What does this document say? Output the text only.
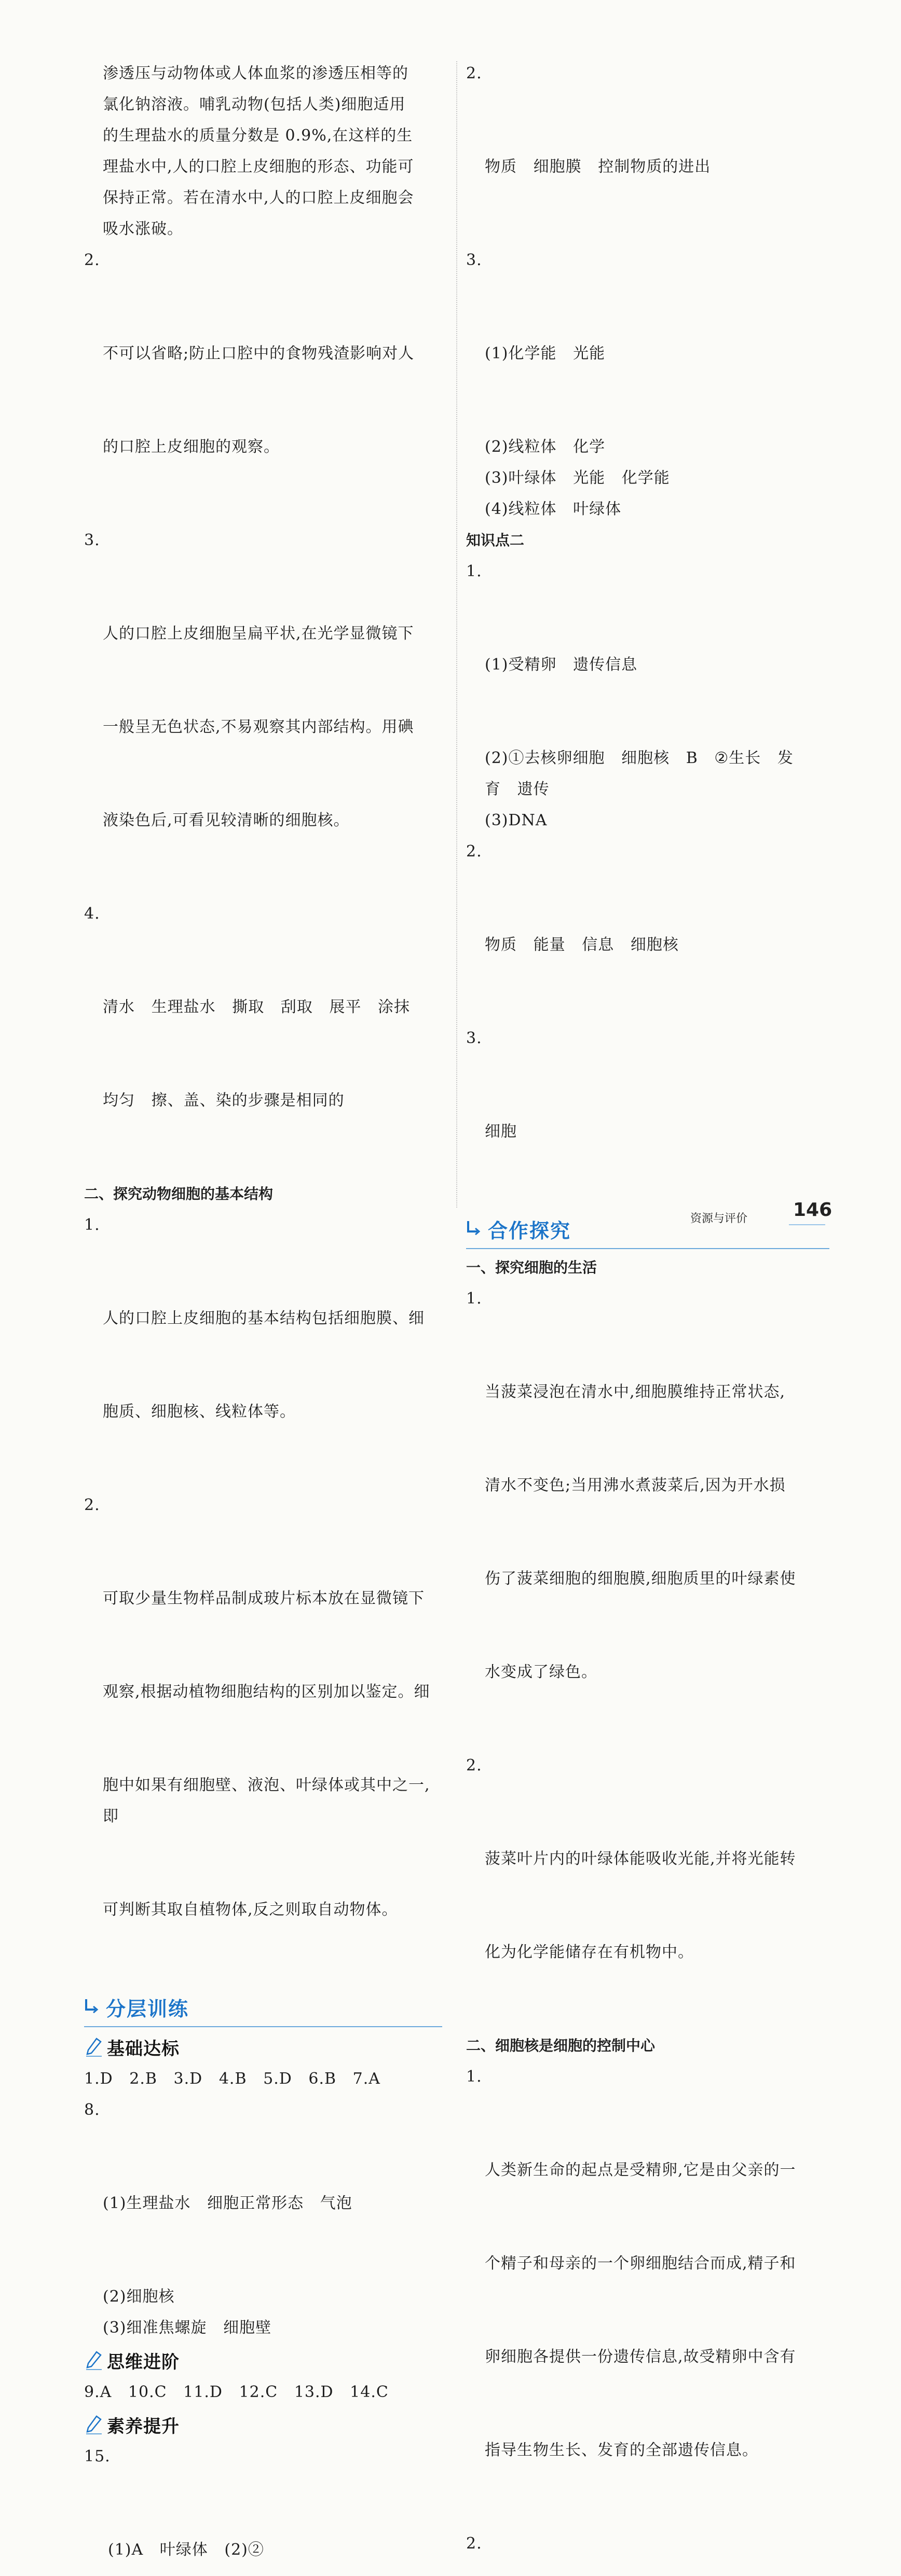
渗透压与动物体或人体血浆的渗透压相等的
氯化钠溶液。哺乳动物(包括人类)细胞适用
的生理盐水的质量分数是 0.9%,在这样的生
理盐水中,人的口腔上皮细胞的形态、功能可
保持正常。若在清水中,人的口腔上皮细胞会
吸水涨破。

2.

不可以省略;防止口腔中的食物残渣影响对人

的口腔上皮细胞的观察。

3.

人的口腔上皮细胞呈扁平状,在光学显微镜下

一般呈无色状态,不易观察其内部结构。用碘

液染色后,可看见较清晰的细胞核。

4.

清水   生理盐水   撕取   刮取   展平   涂抹

均匀   擦、盖、染的步骤是相同的

二、探究动物细胞的基本结构

1.

人的口腔上皮细胞的基本结构包括细胞膜、细

胞质、细胞核、线粒体等。

2.

可取少量生物样品制成玻片标本放在显微镜下

观察,根据动植物细胞结构的区别加以鉴定。细

胞中如果有细胞壁、液泡、叶绿体或其中之一,即

可判断其取自植物体,反之则取自动物体。

分层训练
基础达标
1.D   2.B   3.D   4.B   5.D   6.B   7.A

8.

(1)生理盐水   细胞正常形态   气泡

(2)细胞核
(3)细准焦螺旋   细胞壁
思维进阶
9.A   10.C   11.D   12.C   13.D   14.C
素养提升

15.

(1)A   叶绿体   (2)②

2.

物质   细胞膜   控制物质的进出

3.

(1)化学能   光能

(2)线粒体   化学
(3)叶绿体   光能   化学能
(4)线粒体   叶绿体
知识点二

1.

(1)受精卵   遗传信息

(2)①去核卵细胞   细胞核   B   ②生长   发
育   遗传
(3)DNA

2.

物质   能量   信息   细胞核

3.

细胞

合作探究
一、探究细胞的生活

1.

当菠菜浸泡在清水中,细胞膜维持正常状态,

清水不变色;当用沸水煮菠菜后,因为开水损

伤了菠菜细胞的细胞膜,细胞质里的叶绿素使

水变成了绿色。

2.

菠菜叶片内的叶绿体能吸收光能,并将光能转

化为化学能储存在有机物中。

二、细胞核是细胞的控制中心

1.

人类新生命的起点是受精卵,它是由父亲的一

个精子和母亲的一个卵细胞结合而成,精子和

卵细胞各提供一份遗传信息,故受精卵中含有

指导生物生长、发育的全部遗传信息。

2.

资源与评价 146
